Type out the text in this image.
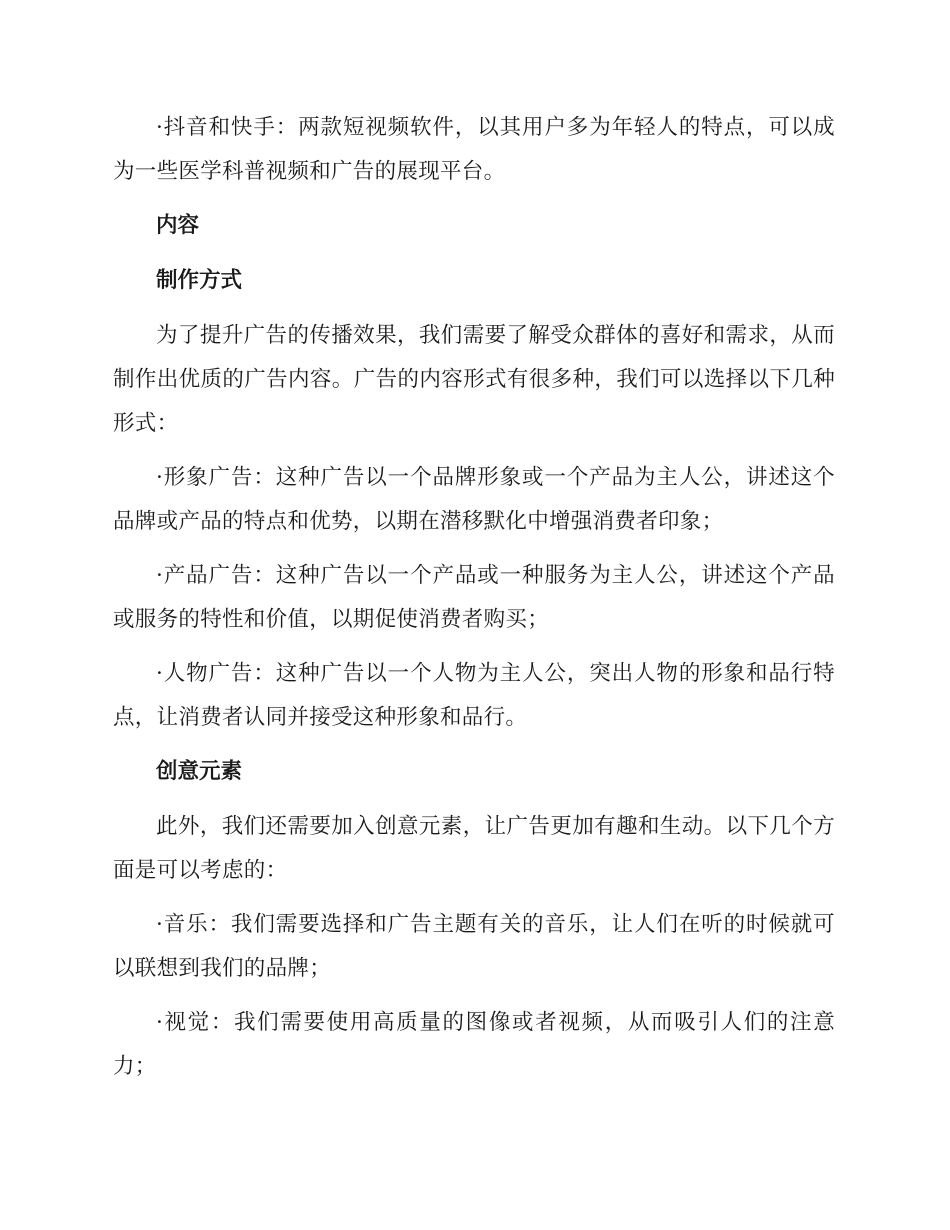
·抖音和快手：两款短视频软件，以其用户多为年轻人的特点，可以成为一些医学科普视频和广告的展现平台。

内容
制作方式

为了提升广告的传播效果，我们需要了解受众群体的喜好和需求，从而制作出优质的广告内容。广告的内容形式有很多种，我们可以选择以下几种形式：

·形象广告：这种广告以一个品牌形象或一个产品为主人公，讲述这个品牌或产品的特点和优势，以期在潜移默化中增强消费者印象；

·产品广告：这种广告以一个产品或一种服务为主人公，讲述这个产品或服务的特性和价值，以期促使消费者购买；

·人物广告：这种广告以一个人物为主人公，突出人物的形象和品行特点，让消费者认同并接受这种形象和品行。

创意元素

此外，我们还需要加入创意元素，让广告更加有趣和生动。以下几个方面是可以考虑的：

·音乐：我们需要选择和广告主题有关的音乐，让人们在听的时候就可以联想到我们的品牌；

·视觉：我们需要使用高质量的图像或者视频，从而吸引人们的注意力；
